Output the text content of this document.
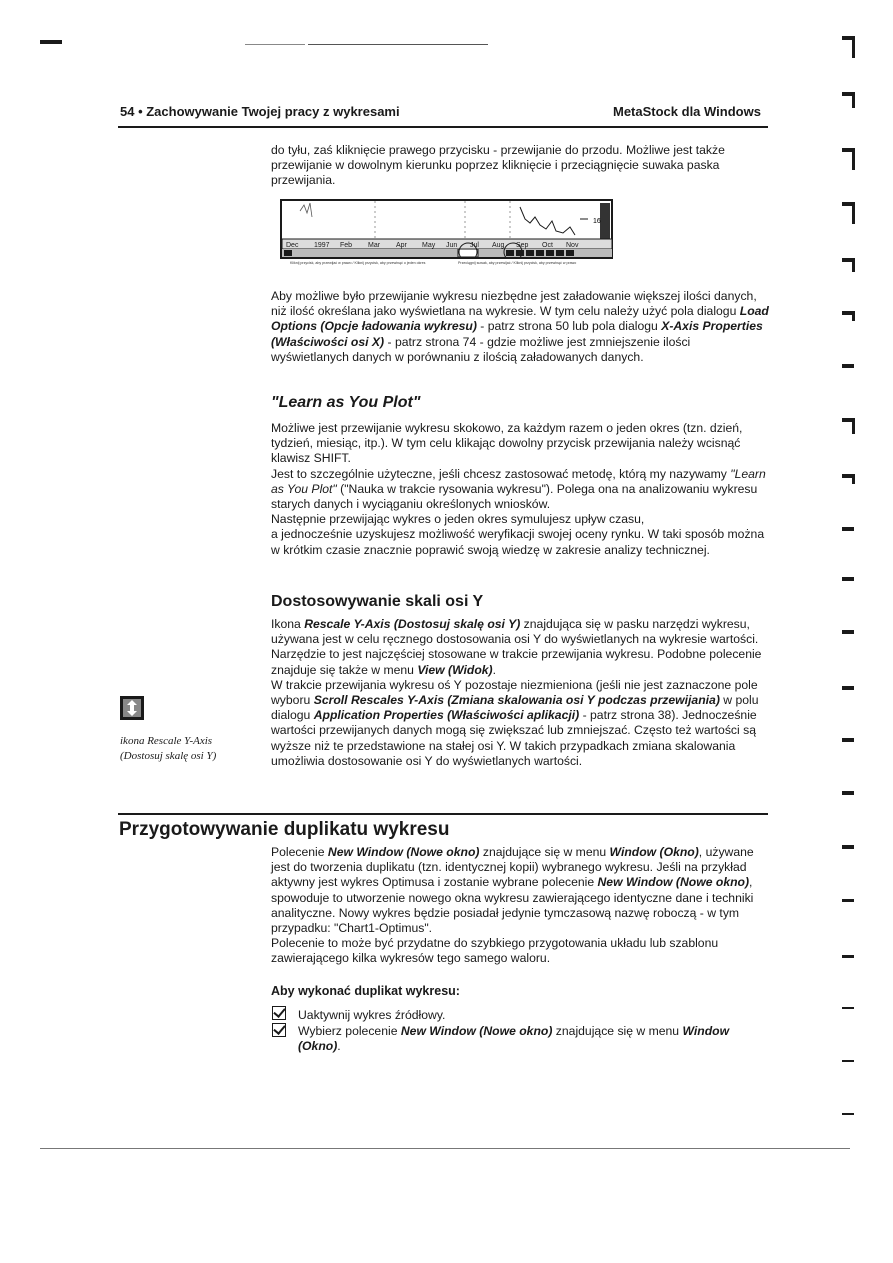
54 • Zachowywanie Twojej pracy z wykresami	MetaStock dla Windows
do tyłu, zaś kliknięcie prawego przycisku - przewijanie do przodu. Możliwe jest także przewijanie w dowolnym kierunku poprzez kliknięcie i przeciągnięcie suwaka paska przewijania.
Dec 1997 Feb Mar Apr May Jun Jul Aug Sep Oct Nov
16
Kliknij przycisk, aby przewijać w prawo / Kliknij przycisk, aby przewinąć o jeden okres	Przeciągnij suwak, aby przewijać / Kliknij przycisk, aby przewinąć w prawo
Aby możliwe było przewijanie wykresu niezbędne jest załadowanie większej ilości danych, niż ilość określana jako wyświetlana na wykresie. W tym celu należy użyć pola dialogu Load Options (Opcje ładowania wykresu) - patrz strona 50 lub pola dialogu X-Axis Properties (Właściwości osi X) - patrz strona 74 - gdzie możliwe jest zmniejszenie ilości wyświetlanych danych w porównaniu z ilością załadowanych danych.
"Learn as You Plot"
Możliwe jest przewijanie wykresu skokowo, za każdym razem o jeden okres (tzn. dzień, tydzień, miesiąc, itp.). W tym celu klikając dowolny przycisk przewijania należy wcisnąć klawisz SHIFT.
Jest to szczególnie użyteczne, jeśli chcesz zastosować metodę, którą my nazywamy "Learn as You Plot" ("Nauka w trakcie rysowania wykresu"). Polega ona na analizowaniu wykresu starych danych i wyciąganiu określonych wniosków.
Następnie przewijając wykres o jeden okres symulujesz upływ czasu,
a jednocześnie uzyskujesz możliwość weryfikacji swojej oceny rynku. W taki sposób można w krótkim czasie znacznie poprawić swoją wiedzę w zakresie analizy technicznej.
Dostosowywanie skali osi Y
Ikona Rescale Y-Axis (Dostosuj skalę osi Y) znajdująca się w pasku narzędzi wykresu, używana jest w celu ręcznego dostosowania osi Y do wyświetlanych na wykresie wartości. Narzędzie to jest najczęściej stosowane w trakcie przewijania wykresu. Podobne polecenie znajduje się także w menu View (Widok).
W trakcie przewijania wykresu oś Y pozostaje niezmieniona (jeśli nie jest zaznaczone pole wyboru Scroll Rescales Y-Axis (Zmiana skalowania osi Y podczas przewijania) w polu dialogu Application Properties (Właściwości aplikacji) - patrz strona 38). Jednocześnie wartości przewijanych danych mogą się zwiększać lub zmniejszać. Często też wartości są wyższe niż te przedstawione na stałej osi Y. W takich przypadkach zmiana skalowania umożliwia dostosowanie osi Y do wyświetlanych wartości.
ikona Rescale Y-Axis
(Dostosuj skalę osi Y)
Przygotowywanie duplikatu wykresu
Polecenie New Window (Nowe okno) znajdujące się w menu Window (Okno), używane jest do tworzenia duplikatu (tzn. identycznej kopii) wybranego wykresu. Jeśli na przykład aktywny jest wykres Optimusa i zostanie wybrane polecenie New Window (Nowe okno), spowoduje to utworzenie nowego okna wykresu zawierającego identyczne dane i techniki analityczne. Nowy wykres będzie posiadał jedynie tymczasową nazwę roboczą - w tym przypadku: "Chart1-Optimus".
Polecenie to może być przydatne do szybkiego przygotowania układu lub szablonu zawierającego kilka wykresów tego samego waloru.
Aby wykonać duplikat wykresu:
Uaktywnij wykres źródłowy.
Wybierz polecenie New Window (Nowe okno) znajdujące się w menu Window (Okno).
